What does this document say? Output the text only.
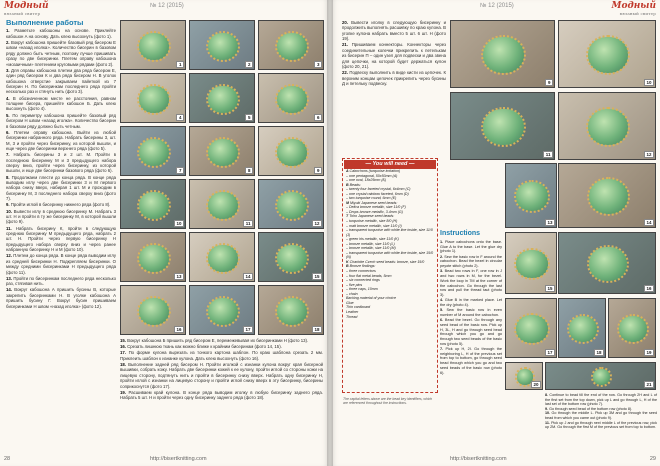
Модный
вязаный свитер
№ 12 (2015)
Выполнение работы

1. Разметьте кабошоны на основе. Приклейте кабошон А на основу. Дать клею высохнуть (фото 1).

2. Вокруг кабошона пришейте базовый ряд бисером Е швом «назад иголка». Количество бисерин в базовом ряду должно быть четным, поэтому лучше пришивать сразу по две бисеринки. Плетем оправу кабошона «мозаичным» плетением круговыми рядами (фото 2).

3. Для оправы кабошона плетем два ряда бисером Е, один ряд бисером К и два ряда бисером H. В уголок кабошона отверстие закрываем пайеткой из 7 бисерин H. По бисеринкам последнего ряда пройти несколько раз и стянуть нить (фото 3).

4. В обозначенном месте не расстояния, равном толщине бисера, пришейте кабошон Б. Дать клею высохнуть (фото 4).

5. По периметру кабошона пришейте базовый ряд бисером H швом «назад иголка». Количество бисерин в базовом ряду должно быть четным.

6. Плетем оправу кабошона. Выйти из любой бисеринки набранного ряда. Набрать бисерины 3, шт. М, 3 и пройти через бисеринку, из которой вышли, и еще через две бисеринки верхнего ряда (фото 5).

7. Набрать бисерины 3 и 2 шт. М. Пройти в последнюю бисеринку М и 3 предыдущего набора сверху вниз, пройти через бисеринку, из которой вышли, и еще две бисеринки базового ряда (фото 6).

8. Продолжаем плести до конца ряда. В конце ряда выводим иглу через две бисеринки 3 и М первого набора снизу вверх, набирая 1 шт. M и проходим в бисеринку М, 3 последнего набора сверху вниз (фото 7).

9. Пройти иглой в бисеринку нижнего ряда (фото 8).

10. Вывести иглу в среднюю бисеринку М. Набрать 3 шт. H и пройти в ту же бисеринку М, в которой вышли (фото 9).

11. Набрать бисерину К, пройти в следующую среднюю бисеринку М предыдущего ряда, набрать 2 шт. H. Пройти через первую бисеринку H предыдущего набора сверху вниз и через ранее набранную бисеринку H и М (фото 10).

12. Плетем до конца ряда. В конце ряда выводим иглу из средней бисеринки H. Подкрепляем бисеринки. О между средними бисеринками Н предыдущего ряда (фото 11).

13. Пройти по бисеринкам последнего ряда несколько раз, стягивая нить.

14. Вокруг кабошона А пришить бусины В, которые закрепить бисеринками Н. В уголке кабошона А пришить бусину Г. Вокруг бусин пришиваем бисеринками H швом «назад иголка» (фото 12).

1	2	3
4	5	6
7	8	9
10	11	12
13	14	15
16	17	18

15. Вокруг кабошона Б пришить ряд бисером Е, перемежевывая их бисеринками H (фото 13).

16. Срезать лишнюю ткань как можно ближе к крайним бисеринам (фото 14, 15).

17. По форме кулона вырезать из тонкого картона шаблон. По краю шаблона срезать 2 мм. Приклеить шаблон к изнанке кулона. Дать клею высохнуть (фото 16).

18. Выполнение задней ряд бисером H. Пройти иголкой с изнанки кулона вокруг края бисерной вышивки, собрать кожу. Набрать две бисеринки кожей к ее кулону, пройти иглой со стороны кожи на лицевую сторону, подтянуть нить и пройти в бисеринку снизу вверх. Набрать одну бисеринку H, пройти иглой с изнанки на лицевую сторону и пройти иглой снизу вверх в эту бисеринку, бисерины соприкоснутся (фото 17).

19. Расшиваем край кулона. В конце ряда выводим иголку в любую бисеринку заднего ряда. Набрать 5 шт. H и пройти через одну бисеринку заднего ряда (фото 18).

28	http://bisertknitting.com
№ 12 (2015)	Модный
вязаный свитер
29
http://bisertknitting.com

20. Вывести иголку в следующую бисеринку и продолжить выполнять расшивку по краю кулона. В уголке кулона набрать вместо 5 шт. 6 шт. H (фото 19).

21. Пришиваем коннекторы. Коннекторы через соединительные колечки прикрепить к петелькам из бисерин П – один узел для подвески и два звена для цепочки, на которой будет держаться кулон (фото 20, 21).

22. Подвеску выполнить в виде кисти из цепочек. К верхним концам цепочек прикрепить через бусины Д и петельку подвеску.

A Cabochons (turquoise imitation)
– one pentagonal, 50x50mm (A)
– one oval, 18x25mm (Б)
B Beads:
– twenty four faceted crystal, 6x4mm (C)
– one crystal rainbow faceted, 6mm (D)
– two turquoise round, 6mm (E)
M Miyuki Japanese seed beads:
– Delica bronze metallic, size 11/0 (F)
– Drops bronze metallic, 3.4mm (G)
T Toho Japanese seed beads:
– turquoise metallic, size 8/0 (H)
– matt bronze metallic, size 11/0 (I)
– transparent turquoise with white line inside, size 11/0 (J)
– green iris metallic, size 11/0 (K)
– bronze metallic, size 11/0 (L)
– bronze metallic, size 11/0 (M)
– transparent turquoise with white line inside, size 15/0 (N)
K Charlotte Czech seed beads: bronze, size 15/0
B Bronze findings:
– three connectors
– four flat metal beads, 5mm
– six connected rings
– five pins
– three caps, 10mm
– chain
Backing material of your choice
Glue
Thin cardboard
Leather
Thread
— You will need —
The capital letters above are the bead key identifiers, which are referenced throughout the instructions.
Instructions

1. Place cabochons onto the base. Glue A to the base. Let the glue dry (photo 1).

2. Sew the basic row in F around the cabochon. Bead the bezel in circular peyote stitch (photo 2).

3. Bead two rows in F, one row in J and two rows in M, for the bezel. Work the loop in 7M at the corner of the cabochon. Go through the last row and pull the thread taut (photo 3).

4. Glue B in the marked place. Let the dry (photo 4).

5. Sew the basic row in even number of M around the cabochon.

6. Bead the bezel. Go through any seed bead of the basic row. Pick up H, 3L, H and go through seed bead through which you go and go through two seed beads of the basic row (photo 5).

7. Pick up H, 2I. Go through the neighboring L, H of the previous set from top to bottom, go through seed bead through which you go and two seed beads of the basic row (photo 6).

8. Continue to bead till the end of the row. Go through 2H and L of the first set from the top down, pick up L and go through L, H of the last set of the bottom row (photo 7).

9. Go through seed bead of the bottom row (photo 8).

10. Go through the middle L. Pick up 3M and go through the seed bead from which you came out (photo 9).

11. Pick up J and go through next middle L of the previous row, pick up 2M. Go through the first M of the previous set from top to bottom.

9	10
11	12
13	14
15	16
17	18	19
20	21
